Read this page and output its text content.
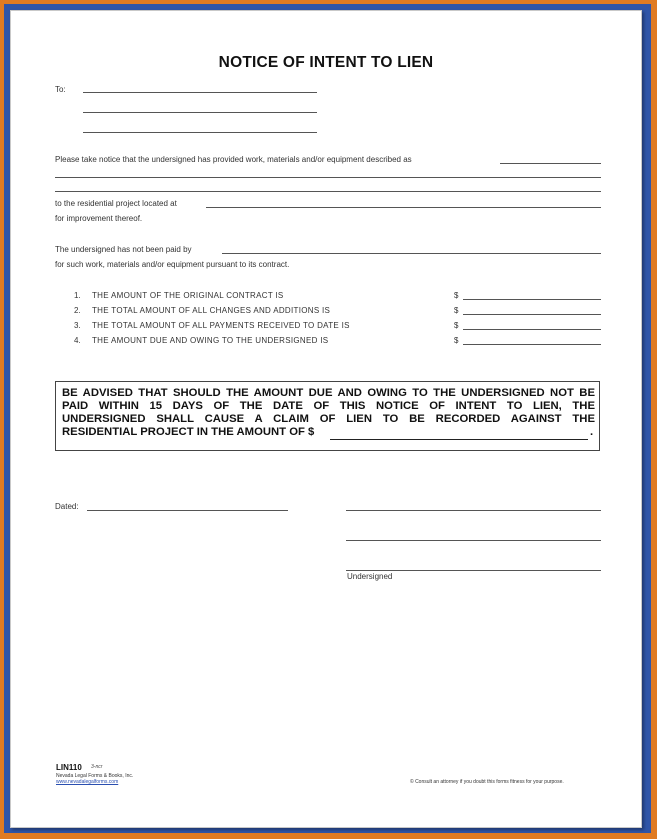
NOTICE OF INTENT TO LIEN
To:
Please take notice that the undersigned has provided work, materials and/or equipment described as
to the residential project located at
for improvement thereof.
The undersigned has not been paid by
for such work, materials and/or equipment pursuant to its contract.
1. THE AMOUNT OF THE ORIGINAL CONTRACT IS	$
2. THE TOTAL AMOUNT OF ALL CHANGES AND ADDITIONS IS	$
3. THE TOTAL AMOUNT OF ALL PAYMENTS RECEIVED TO DATE IS	$
4. THE AMOUNT DUE AND OWING TO THE UNDERSIGNED IS	$
BE ADVISED THAT SHOULD THE AMOUNT DUE AND OWING TO THE UNDERSIGNED NOT BE
PAID WITHIN 15 DAYS OF THE DATE OF THIS NOTICE OF INTENT TO LIEN, THE
UNDERSIGNED SHALL CAUSE A CLAIM OF LIEN TO BE RECORDED AGAINST THE
RESIDENTIAL PROJECT IN THE AMOUNT OF $	.
Dated:
Undersigned
LIN110 3-ncr
Nevada Legal Forms & Books, Inc.
www.nevadalegalforms.com	© Consult an attorney if you doubt this forms fitness for your purpose.
